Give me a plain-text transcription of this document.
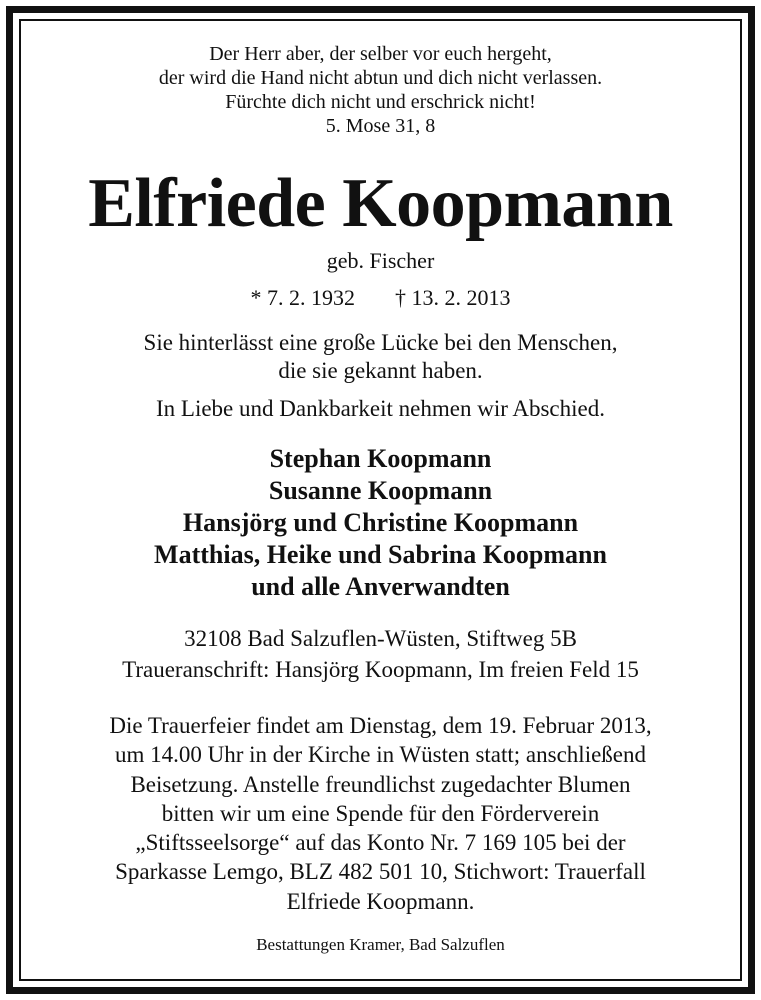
Der Herr aber, der selber vor euch hergeht,
der wird die Hand nicht abtun und dich nicht verlassen.
Fürchte dich nicht und erschrick nicht!
5. Mose 31, 8
Elfriede Koopmann
geb. Fischer
* 7. 2. 1932 † 13. 2. 2013
Sie hinterlässt eine große Lücke bei den Menschen,
die sie gekannt haben.
In Liebe und Dankbarkeit nehmen wir Abschied.
Stephan Koopmann
Susanne Koopmann
Hansjörg und Christine Koopmann
Matthias, Heike und Sabrina Koopmann
und alle Anverwandten
32108 Bad Salzuflen-Wüsten, Stiftweg 5B
Traueranschrift: Hansjörg Koopmann, Im freien Feld 15
Die Trauerfeier findet am Dienstag, dem 19. Februar 2013,
um 14.00 Uhr in der Kirche in Wüsten statt; anschließend
Beisetzung. Anstelle freundlichst zugedachter Blumen
bitten wir um eine Spende für den Förderverein
„Stiftsseelsorge“ auf das Konto Nr. 7 169 105 bei der
Sparkasse Lemgo, BLZ 482 501 10, Stichwort: Trauerfall
Elfriede Koopmann.
Bestattungen Kramer, Bad Salzuflen
